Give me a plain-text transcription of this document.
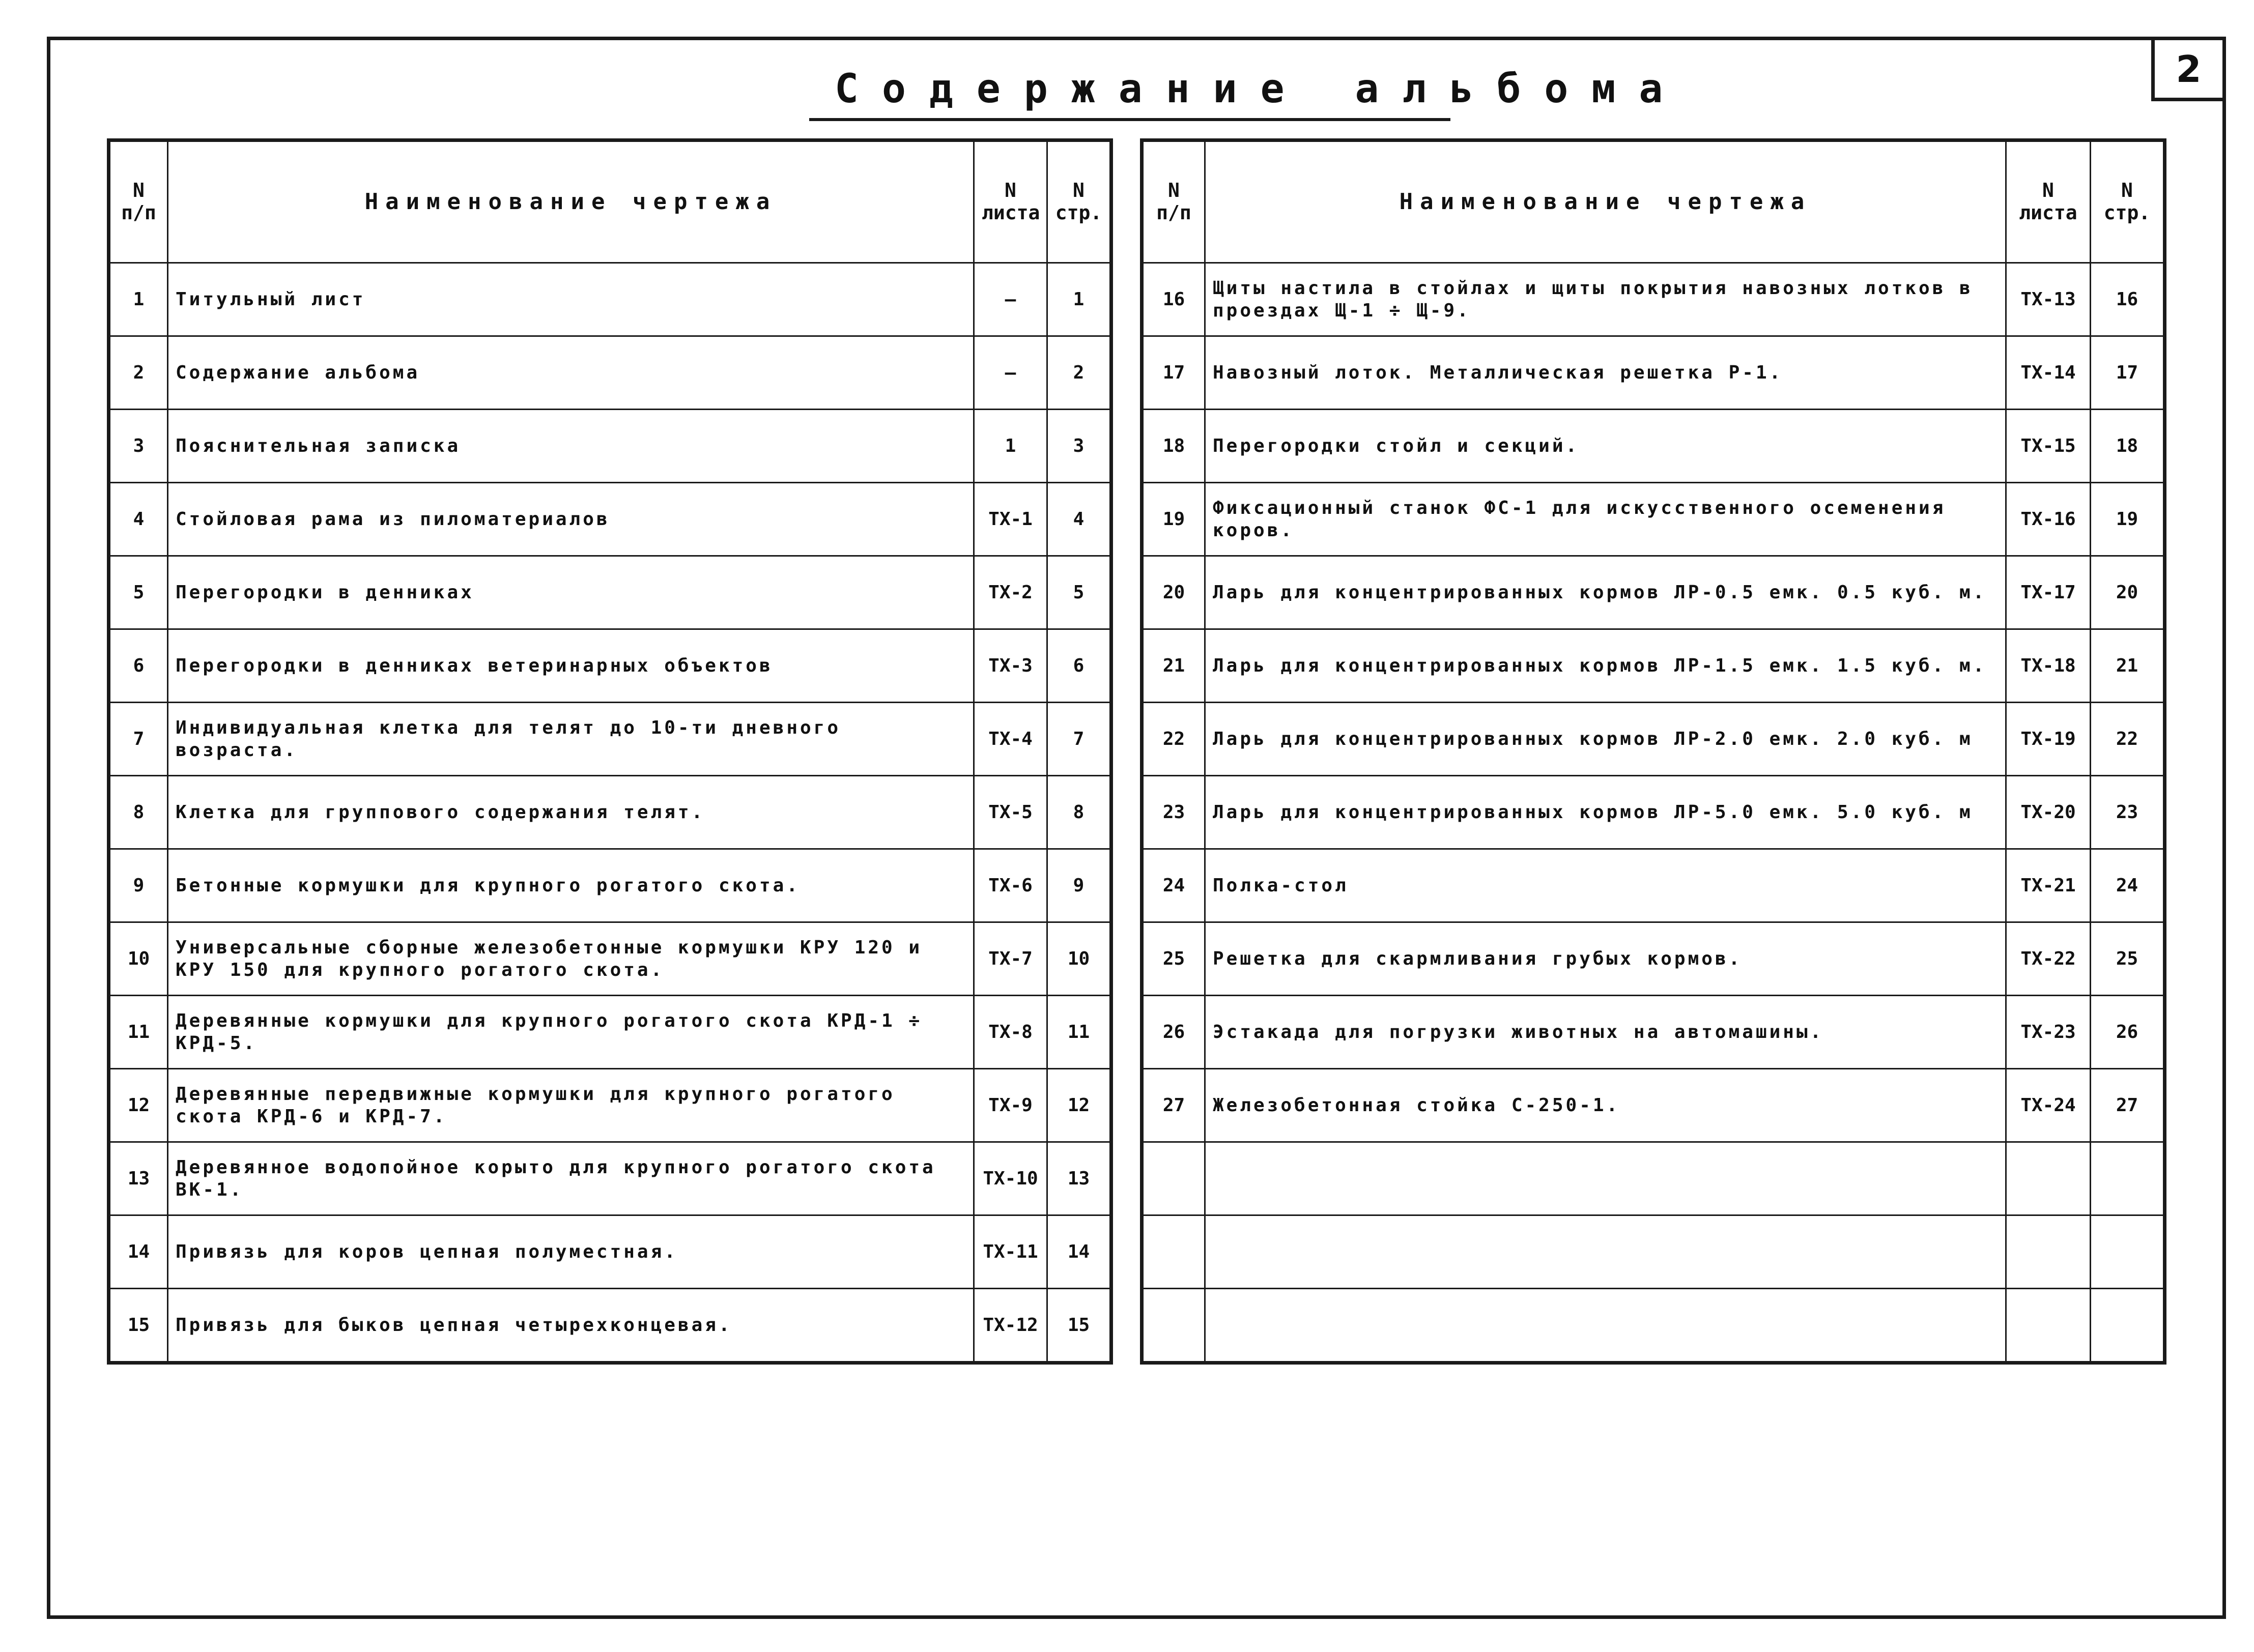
2
Содержание альбома
N п/п	Наименование чертежа	N листа	N стр.
1	Титульный лист	—	1
2	Содержание альбома	—	2
3	Пояснительная записка	1	3
4	Стойловая рама из пиломатериалов	ТХ-1	4
5	Перегородки в денниках	ТХ-2	5
6	Перегородки в денниках ветеринарных объектов	ТХ-3	6
7	Индивидуальная клетка для телят до 10-ти дневного возраста.	ТХ-4	7
8	Клетка для группового содержания телят.	ТХ-5	8
9	Бетонные кормушки для крупного рогатого скота.	ТХ-6	9
10	Универсальные сборные железобетонные кормушки КРУ 120 и КРУ 150 для крупного рогатого скота.	ТХ-7	10
11	Деревянные кормушки для крупного рогатого скота КРД-1 ÷ КРД-5.	ТХ-8	11
12	Деревянные передвижные кормушки для крупного рогатого скота КРД-6 и КРД-7.	ТХ-9	12
13	Деревянное водопойное корыто для крупного рогатого скота ВК-1.	ТХ-10	13
14	Привязь для коров цепная полуместная.	ТХ-11	14
15	Привязь для быков цепная четырехконцевая.	ТХ-12	15
N п/п	Наименование чертежа	N листа	N стр.
16	Щиты настила в стойлах и щиты покрытия навозных лотков в проездах Щ-1 ÷ Щ-9.	ТХ-13	16
17	Навозный лоток. Металлическая решетка Р-1.	ТХ-14	17
18	Перегородки стойл и секций.	ТХ-15	18
19	Фиксационный станок ФС-1 для искусственного осеменения коров.	ТХ-16	19
20	Ларь для концентрированных кормов ЛР-0.5 емк. 0.5 куб. м.	ТХ-17	20
21	Ларь для концентрированных кормов ЛР-1.5 емк. 1.5 куб. м.	ТХ-18	21
22	Ларь для концентрированных кормов ЛР-2.0 емк. 2.0 куб. м	ТХ-19	22
23	Ларь для концентрированных кормов ЛР-5.0 емк. 5.0 куб. м	ТХ-20	23
24	Полка-стол	ТХ-21	24
25	Решетка для скармливания грубых кормов.	ТХ-22	25
26	Эстакада для погрузки животных на автомашины.	ТХ-23	26
27	Железобетонная стойка С-250-1.	ТХ-24	27
